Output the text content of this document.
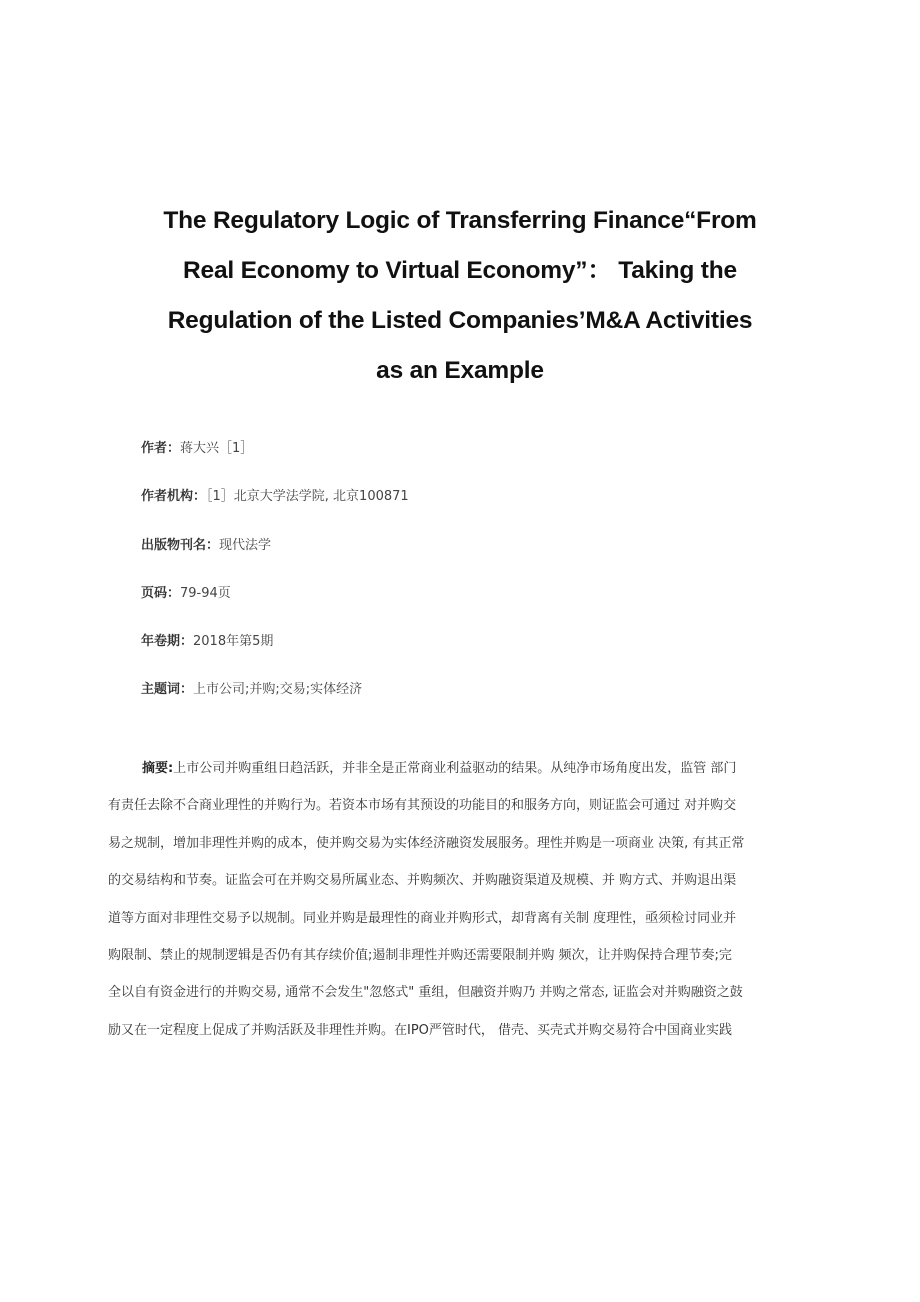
The Regulatory Logic of Transferring Finance“From
Real Economy to Virtual Economy”： Taking the
Regulation of the Listed Companies’M&A Activities
as an Example
作者：蒋大兴［1］
作者机构：［1］北京大学法学院, 北京100871
出版物刊名：现代法学
页码：79-94页
年卷期：2018年第5期
主题词：上市公司;并购;交易;实体经济
摘要:上市公司并购重组日趋活跃，并非全是正常商业利益驱动的结果。从纯净市场角度出发，监管 部门
有责任去除不合商业理性的并购行为。若资本市场有其预设的功能目的和服务方向，则证监会可通过 对并购交
易之规制，增加非理性并购的成本，使并购交易为实体经济融资发展服务。理性并购是一项商业 决策, 有其正常
的交易结构和节奏。证监会可在并购交易所属业态、并购频次、并购融资渠道及规模、并 购方式、并购退出渠
道等方面对非理性交易予以规制。同业并购是最理性的商业并购形式，却背离有关制 度理性，亟须检讨同业并
购限制、禁止的规制逻辑是否仍有其存续价值;遏制非理性并购还需要限制并购 频次，让并购保持合理节奏;完
全以自有资金进行的并购交易, 通常不会发生"忽悠式" 重组，但融资并购乃 并购之常态, 证监会对并购融资之鼓
励又在一定程度上促成了并购活跃及非理性并购。在IPO严管时代， 借壳、买壳式并购交易符合中国商业实践
